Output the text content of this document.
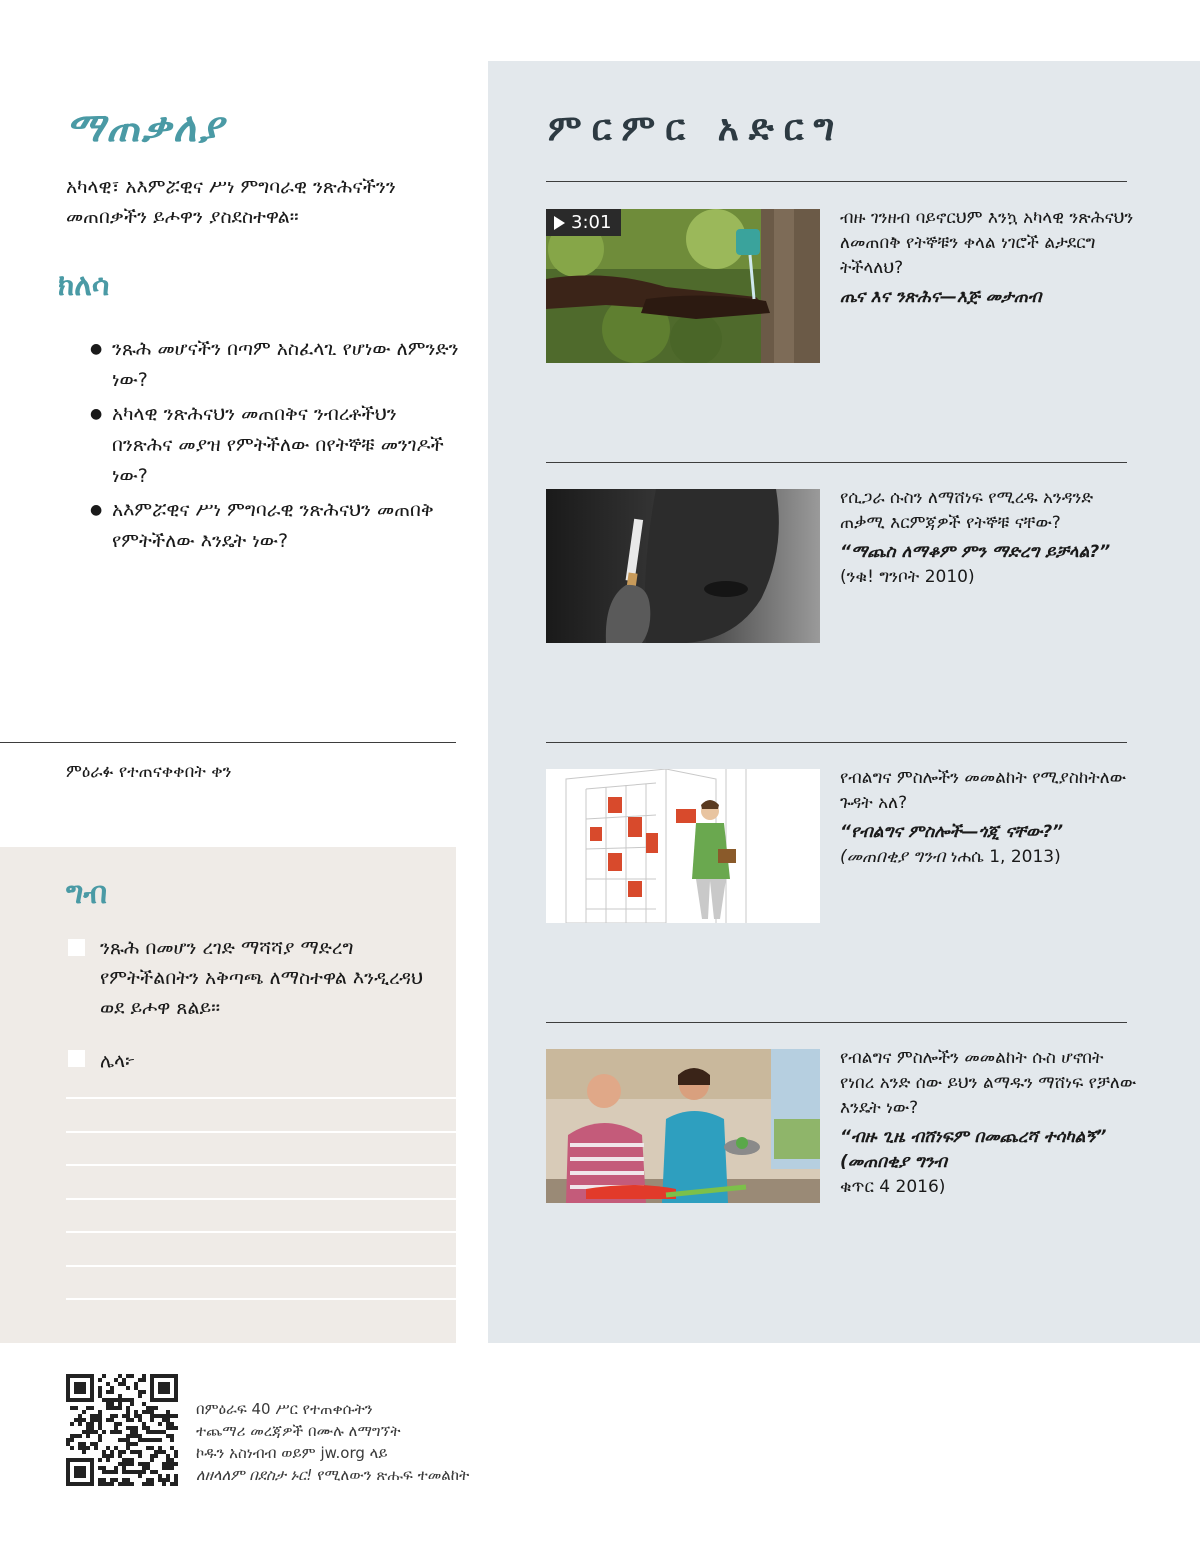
ማጠቃለያ

አካላዊ፣ አእምሯዊና ሥነ ምግባራዊ ንጽሕናችንን መጠበቃችን ይሖዋን ያስደስተዋል።

ክለሳ
● ንጹሕ መሆናችን በጣም አስፈላጊ የሆነው ለምንድን ነው?
● አካላዊ ንጽሕናህን መጠበቅና ንብረቶችህን በንጽሕና መያዝ የምትችለው በየትኞቹ መንገዶች ነው?
● አእምሯዊና ሥነ ምግባራዊ ንጽሕናህን መጠበቅ የምትችለው እንዴት ነው?
ምዕራፉ የተጠናቀቀበት ቀን
ግብ

ንጹሕ በመሆን ረገድ ማሻሻያ ማድረግ የምትችልበትን አቅጣጫ ለማስተዋል እንዲረዳህ ወደ ይሖዋ ጸልይ።

ሌላ፦

ምርምር አድርግ
3:01	ብዙ ገንዘብ ባይኖርህም እንኳ አካላዊ ንጽሕናህን ለመጠበቅ የትኞቹን ቀላል ነገሮች ልታደርግ ትችላለህ?
ጤና እና ንጽሕና—እጅ መታጠብ
የሲጋራ ሱስን ለማሸነፍ የሚረዱ አንዳንድ ጠቃሚ እርምጃዎች የትኞቹ ናቸው?
“ማጨስ ለማቆም ምን ማድረግ ይቻላል?” (ንቁ! ግንቦት 2010)
የብልግና ምስሎችን መመልከት የሚያስከትለው ጉዳት አለ?
“የብልግና ምስሎች—ጎጂ ናቸው?”
(መጠበቂያ ግንብ ነሐሴ 1, 2013)
የብልግና ምስሎችን መመልከት ሱስ ሆኖበት የነበረ አንድ ሰው ይህን ልማዱን ማሸነፍ የቻለው እንዴት ነው?
“ብዙ ጊዜ ብሸነፍም በመጨረሻ ተሳካልኝ” (መጠበቂያ ግንብ
ቁጥር 4 2016)
በምዕራፍ 40 ሥር የተጠቀሱትን
ተጨማሪ መረጃዎች በሙሉ ለማግኘት
ኮዱን አስነብብ ወይም jw.org ላይ
ለዘላለም በደስታ ኑር! የሚለውን ጽሑፍ ተመልከት
